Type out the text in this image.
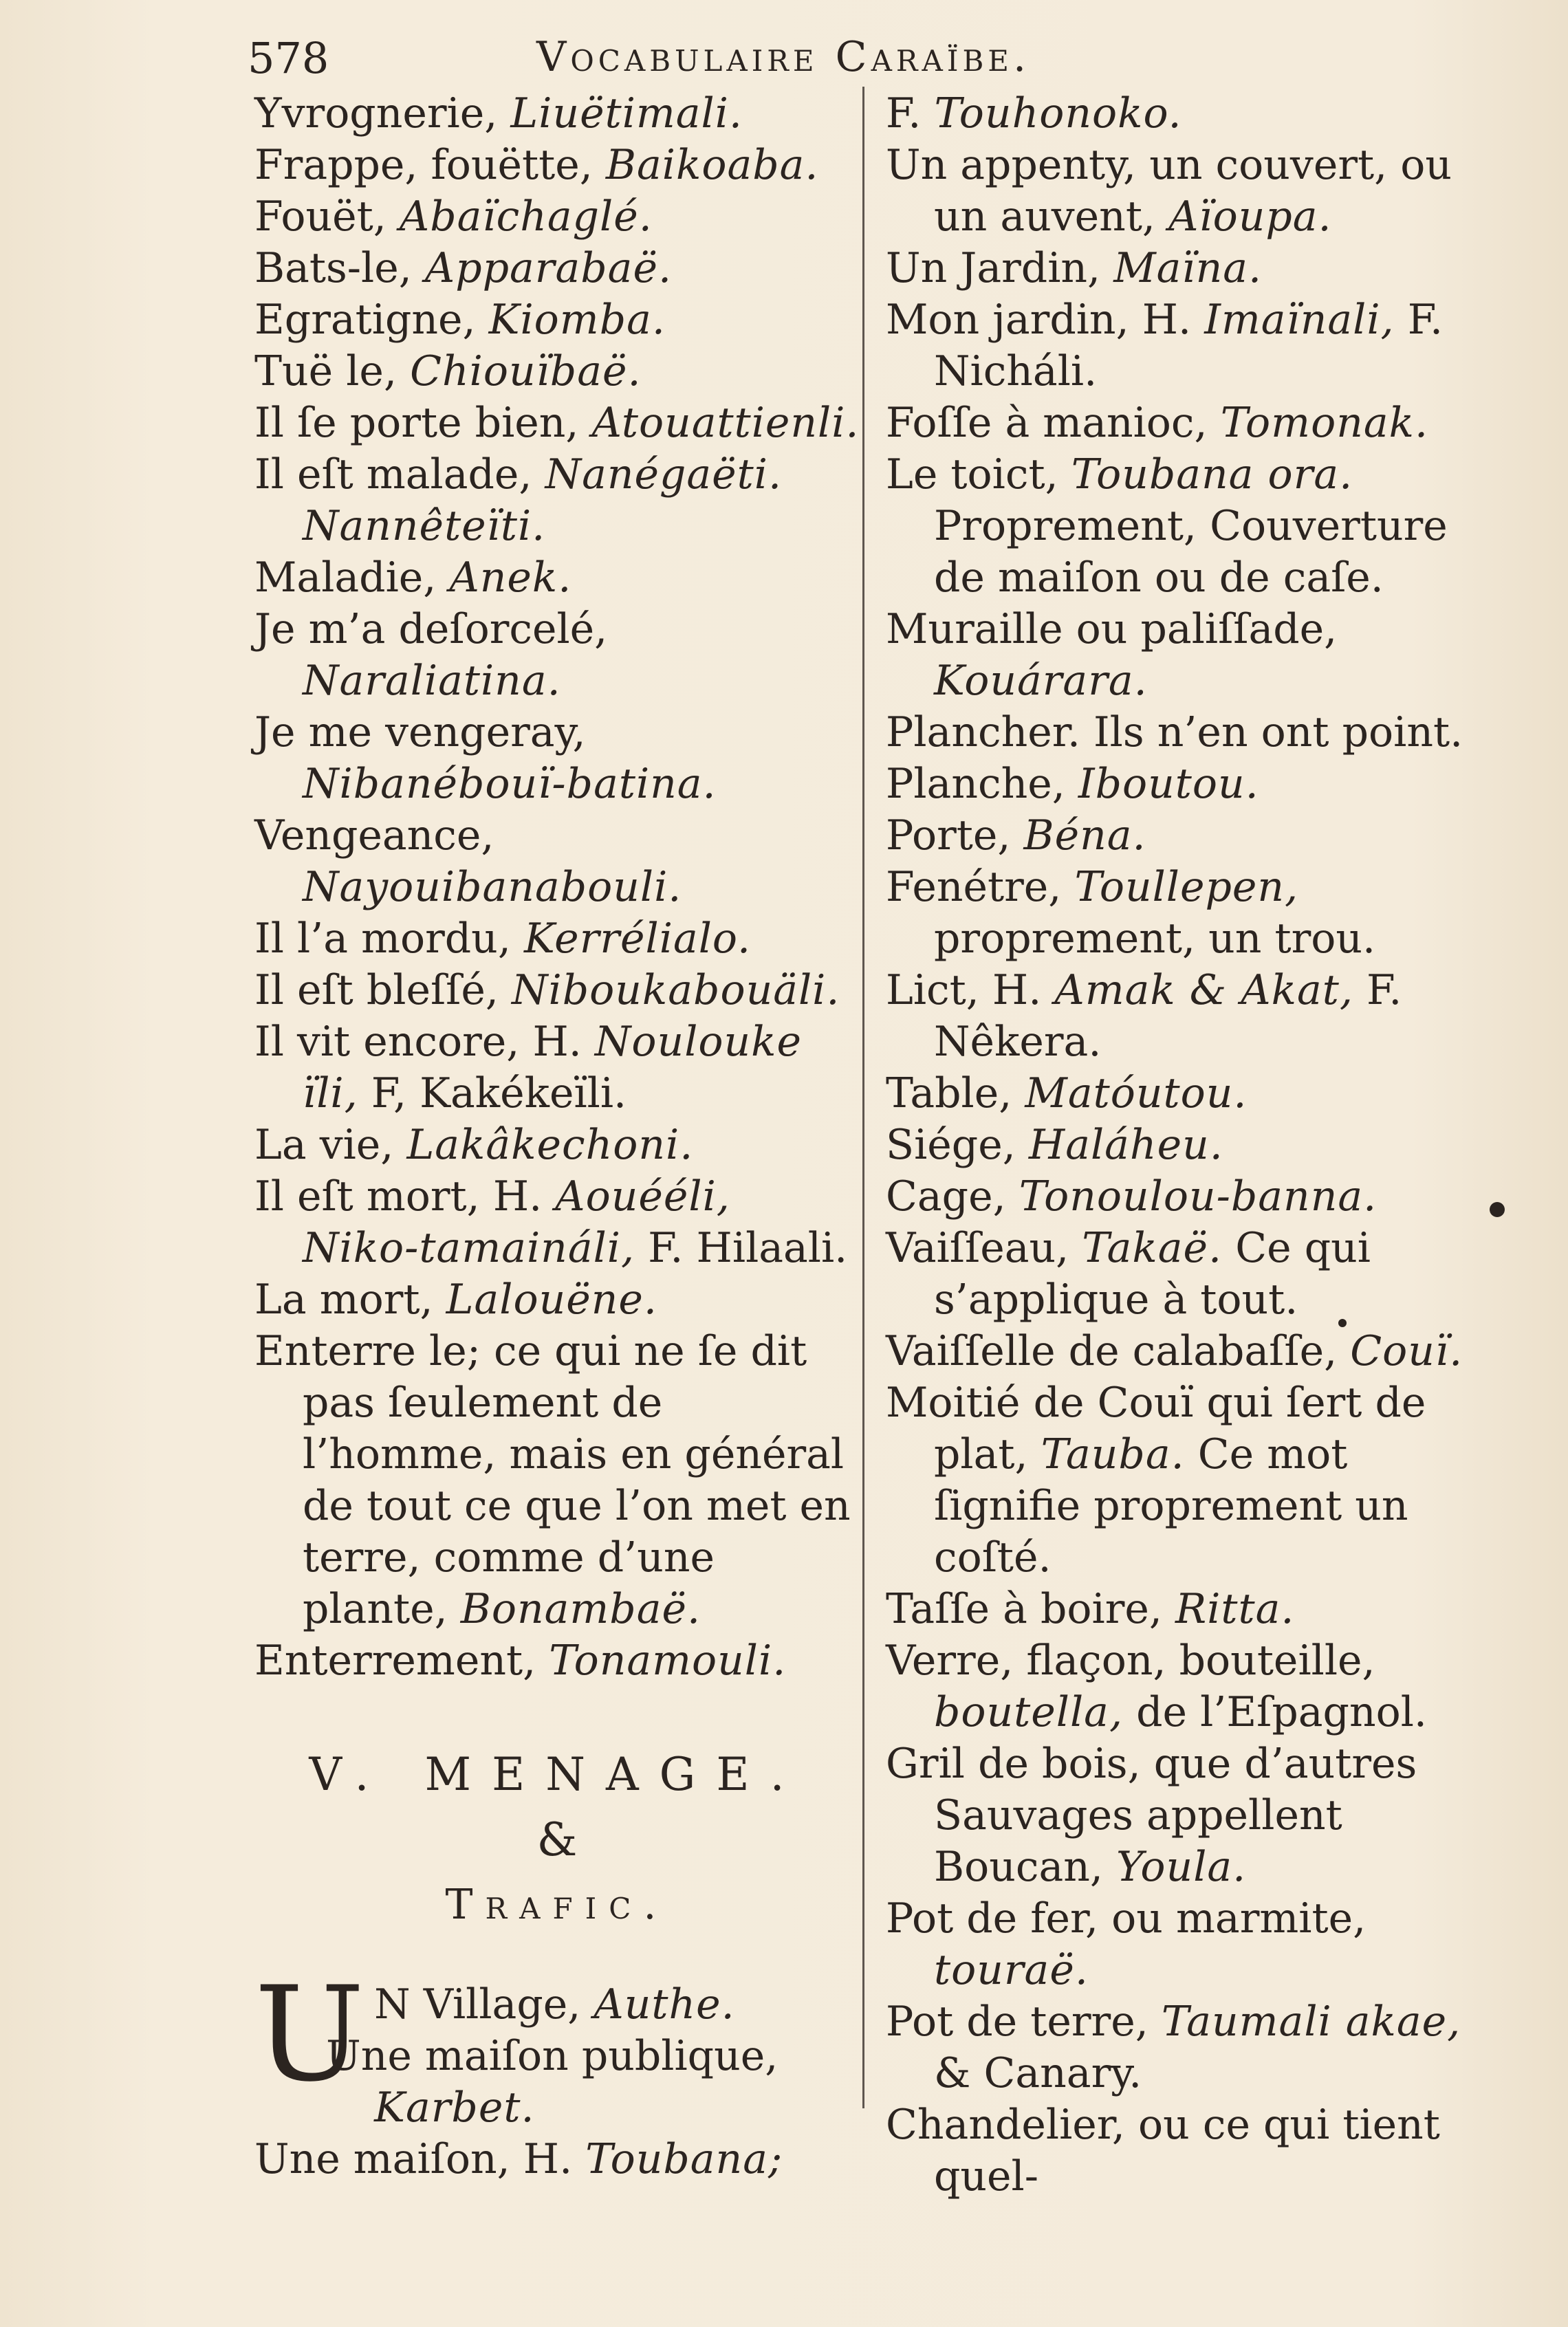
578	Vocabulaire Caraïbe.

Yvrognerie, Liuëtimali.

Frappe, fouëtte, Baikoaba.

Fouët, Abaïchaglé.

Bats-le, Apparabaë.

Egratigne, Kiomba.

Tuë le, Chiouïbaë.

Il ſe porte bien, Atouattienli.

Il eſt malade, Nanégaëti. Nannêteïti.

Maladie, Anek.

Je m’a deſorcelé, Naraliatina.

Je me vengeray, Nibanébouï-batina.

Vengeance, Nayouibanabouli.

Il l’a mordu, Kerrélialo.

Il eſt bleſſé, Niboukabouäli.

Il vit encore, H. Noulouke ïli, F, Kakékeïli.

La vie, Lakâkechoni.

Il eſt mort, H. Aouééli, Niko-tamaináli, F. Hilaali.

La mort, Lalouëne.

Enterre le; ce qui ne ſe dit pas ſeulement de l’homme, mais en général de tout ce que l’on met en terre, comme d’une plante, Bonambaë.

Enterrement, Tonamouli.

V. MENAGE.
&
Trafic.

U N Village, Authe.

Une maiſon publique, Karbet.

Une maiſon, H. Toubana;

F. Touhonoko.

Un appenty, un couvert, ou un auvent, Aïoupa.

Un Jardin, Maïna.

Mon jardin, H. Imaïnali, F. Nicháli.

Foſſe à manioc, Tomonak.

Le toict, Toubana ora. Proprement, Couverture de maiſon ou de caſe.

Muraille ou paliſſade, Kouárara.

Plancher. Ils n’en ont point.

Planche, Iboutou.

Porte, Béna.

Fenétre, Toullepen, proprement, un trou.

Lict, H. Amak & Akat, F. Nêkera.

Table, Matóutou.

Siége, Haláheu.

Cage, Tonoulou-banna.

Vaiſſeau, Takaë. Ce qui s’applique à tout.

Vaiſſelle de calabaſſe, Couï.

Moitié de Couï qui ſert de plat, Tauba. Ce mot ſignifie proprement un coſté.

Taſſe à boire, Ritta.

Verre, flaçon, bouteille, boutella, de l’Eſpagnol.

Gril de bois, que d’autres Sauvages appellent Boucan, Youla.

Pot de fer, ou marmite, touraë.

Pot de terre, Taumali akae, & Canary.

Chandelier, ou ce qui tient quel-
